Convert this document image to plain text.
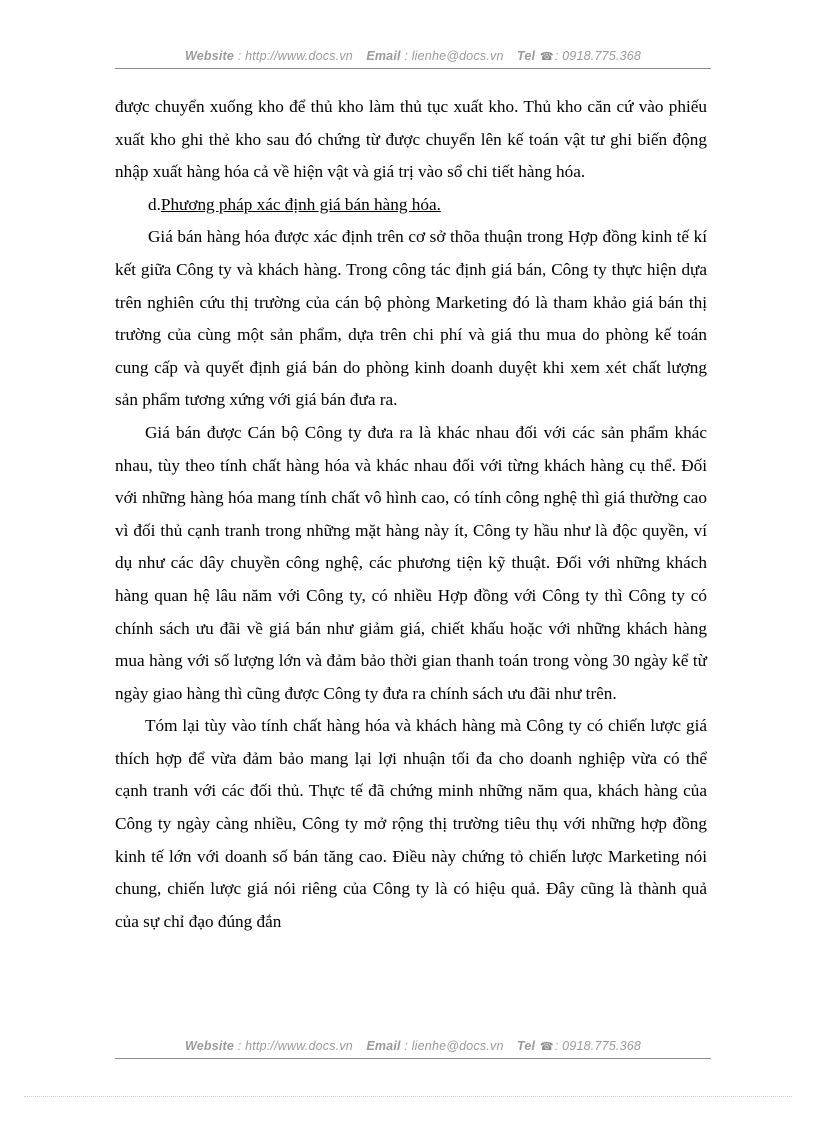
Website : http://www.docs.vn Email : lienhe@docs.vn Tel ☎: 0918.775.368

được chuyển xuống kho để thủ kho làm thủ tục xuất kho. Thủ kho căn cứ vào phiếu xuất kho ghi thẻ kho sau đó chứng từ được chuyển lên kế toán vật tư ghi biến động nhập xuất hàng hóa cả về hiện vật và giá trị vào sổ chi tiết hàng hóa.

d.Phương pháp xác định giá bán hàng hóa.

Giá bán hàng hóa được xác định trên cơ sở thõa thuận trong Hợp đồng kinh tế kí kết giữa Công ty và khách hàng. Trong công tác định giá bán, Công ty thực hiện dựa trên nghiên cứu thị trường của cán bộ phòng Marketing đó là tham khảo giá bán thị trường của cùng một sản phẩm, dựa trên chi phí và giá thu mua do phòng kế toán cung cấp và quyết định giá bán do phòng kinh doanh duyệt khi xem xét chất lượng sản phẩm tương xứng với giá bán đưa ra.

Giá bán được Cán bộ Công ty đưa ra là khác nhau đối với các sản phẩm khác nhau, tùy theo tính chất hàng hóa và khác nhau đối với từng khách hàng cụ thể. Đối với những hàng hóa mang tính chất vô hình cao, có tính công nghệ thì giá thường cao vì đối thủ cạnh tranh trong những mặt hàng này ít, Công ty hầu như là độc quyền, ví dụ như các dây chuyền công nghệ, các phương tiện kỹ thuật. Đối với những khách hàng quan hệ lâu năm với Công ty, có nhiều Hợp đồng với Công ty thì Công ty có chính sách ưu đãi về giá bán như giảm giá, chiết khấu hoặc với những khách hàng mua hàng với số lượng lớn và đảm bảo thời gian thanh toán trong vòng 30 ngày kể từ ngày giao hàng thì cũng được Công ty đưa ra chính sách ưu đãi như trên.

Tóm lại tùy vào tính chất hàng hóa và khách hàng mà Công ty có chiến lược giá thích hợp để vừa đảm bảo mang lại lợi nhuận tối đa cho doanh nghiệp vừa có thể cạnh tranh với các đối thủ. Thực tế đã chứng minh những năm qua, khách hàng của Công ty ngày càng nhiều, Công ty mở rộng thị trường tiêu thụ với những hợp đồng kinh tế lớn với doanh số bán tăng cao. Điều này chứng tỏ chiến lược Marketing nói chung, chiến lược giá nói riêng của Công ty là có hiệu quả. Đây cũng là thành quả của sự chỉ đạo đúng đắn

Website : http://www.docs.vn Email : lienhe@docs.vn Tel ☎: 0918.775.368
